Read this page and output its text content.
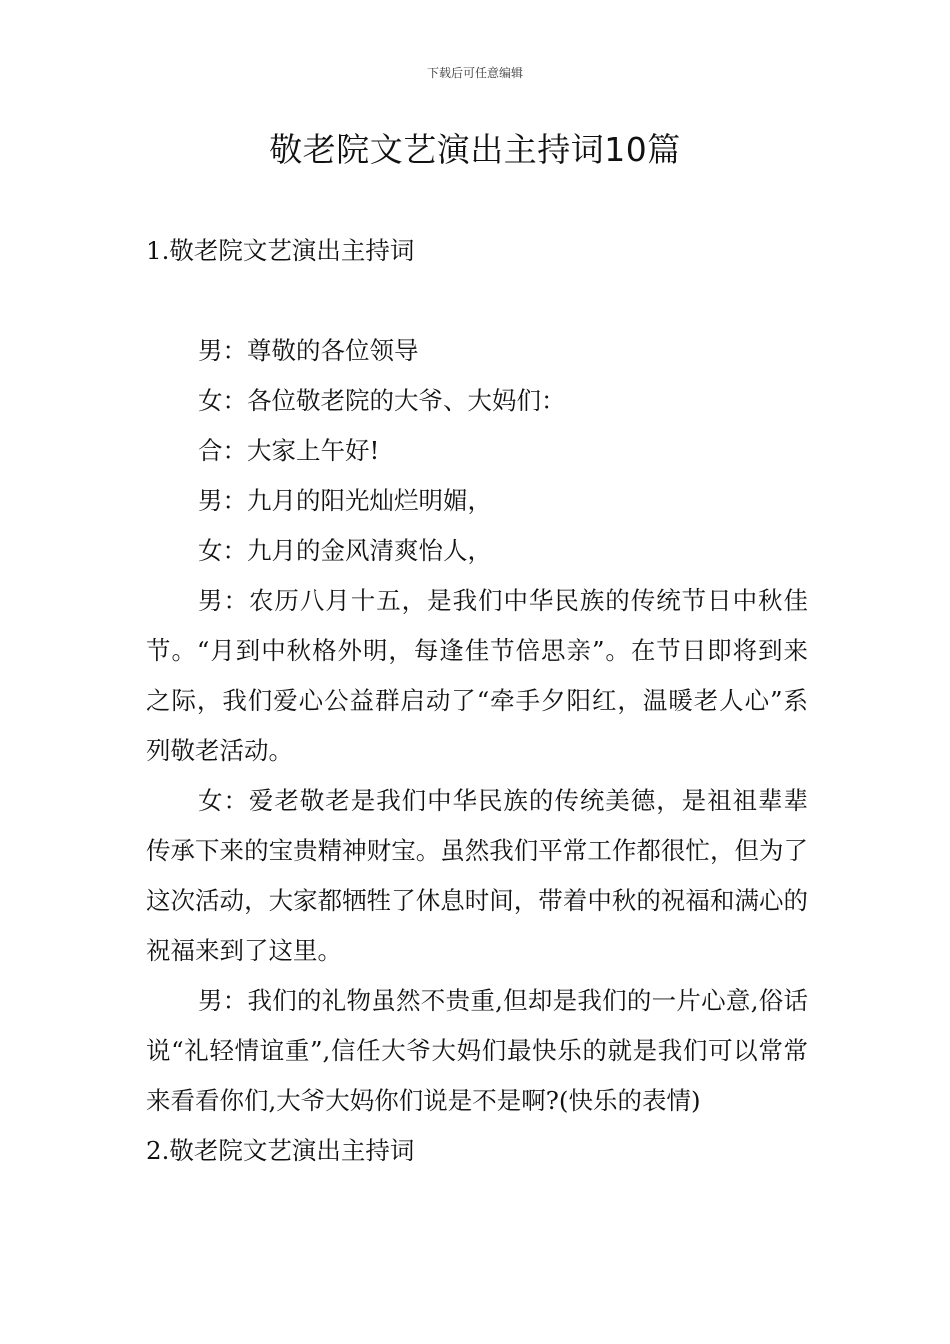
下载后可任意编辑
敬老院文艺演出主持词10篇
1.敬老院文艺演出主持词

男：尊敬的各位领导

女：各位敬老院的大爷、大妈们：

合：大家上午好!

男：九月的阳光灿烂明媚，

女：九月的金风清爽怡人，

男：农历八月十五，是我们中华民族的传统节日中秋佳节。“月到中秋格外明，每逢佳节倍思亲”。在节日即将到来之际，我们爱心公益群启动了“牵手夕阳红，温暖老人心”系列敬老活动。

女：爱老敬老是我们中华民族的传统美德，是祖祖辈辈传承下来的宝贵精神财宝。虽然我们平常工作都很忙，但为了这次活动，大家都牺牲了休息时间，带着中秋的祝福和满心的祝福来到了这里。

男：我们的礼物虽然不贵重,但却是我们的一片心意,俗话说“礼轻情谊重”,信任大爷大妈们最快乐的就是我们可以常常来看看你们,大爷大妈你们说是不是啊?(快乐的表情)

2.敬老院文艺演出主持词
